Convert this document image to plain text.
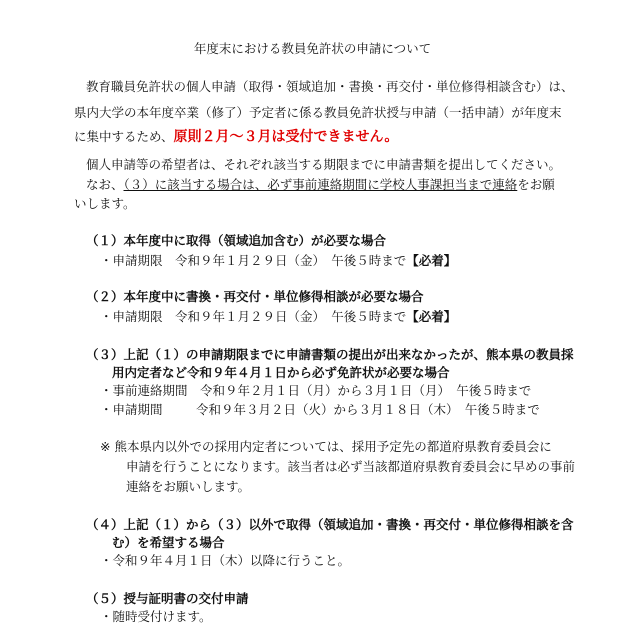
年度末における教員免許状の申請について
教育職員免許状の個人申請（取得・領域追加・書換・再交付・単位修得相談含む）は、
県内大学の本年度卒業（修了）予定者に係る教員免許状授与申請（一括申請）が年度末
に集中するため、原則２月～３月は受付できません。
個人申請等の希望者は、それぞれ該当する期限までに申請書類を提出してください。
なお、（３）に該当する場合は、必ず事前連絡期間に学校人事課担当まで連絡をお願
いします。
（１）本年度中に取得（領域追加含む）が必要な場合
・申請期限　 令和９年１月２９日（金）　午後５時まで【必着】
（２）本年度中に書換・再交付・単位修得相談が必要な場合
・申請期限　 令和９年１月２９日（金）　午後５時まで【必着】
（３）上記（１）の申請期限までに申請書類の提出が出来なかったが、熊本県の教員採
用内定者など令和９年４月１日から必ず免許状が必要な場合
・事前連絡期間　 令和９年２月１日（月）から３月１日（月）　午後５時まで
・申請期間	令和９年３月２日（火）から３月１８日（木）　午後５時まで
※ 熊本県内以外での採用内定者については、採用予定先の都道府県教育委員会に
申請を行うことになります。該当者は必ず当該都道府県教育委員会に早めの事前
連絡をお願いします。
（４）上記（１）から（３）以外で取得（領域追加・書換・再交付・単位修得相談を含
む）を希望する場合
・令和９年４月１日（木）以降に行うこと。
（５）授与証明書の交付申請
・随時受付けます。
